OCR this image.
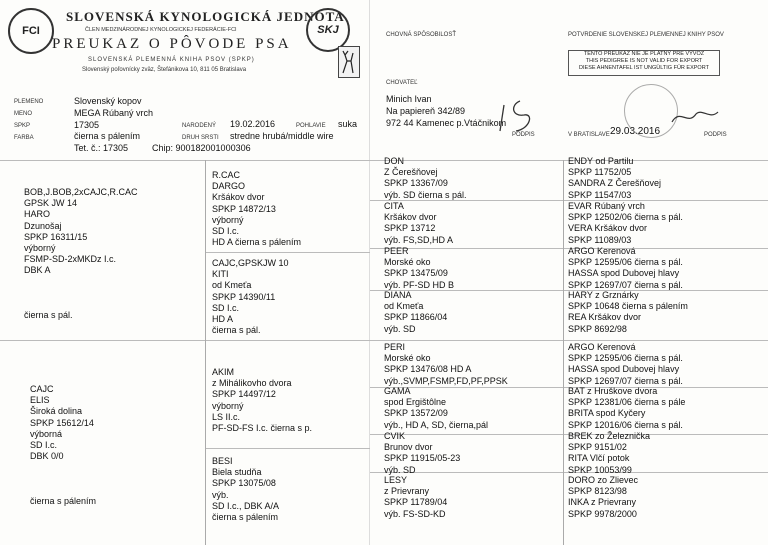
FCI
SLOVENSKÁ KYNOLOGICKÁ JEDNOTA
ČLEN MEDZINÁRODNEJ KYNOLOGICKEJ FEDERÁCIE-FCI
PREUKAZ O PÔVODE PSA
SLOVENSKÁ PLEMENNÁ KNIHA PSOV (SPKP)
Slovenský poľovnícky zväz, Štefánikova 10, 811 05 Bratislava
SKJ
PLEMENO	Slovenský kopov
MENO	MEGA Rúbaný vrch
SPKP	17305	NARODENÝ 19.02.2016	POHLAVIE suka
FARBA	čierna s pálením	DRUH SRSTI stredne hrubá/middle wire
Tet. č.: 17305	Chip: 900182001000306
CHOVNÁ SPÔSOBILOSŤ	POTVRDENIE SLOVENSKEJ PLEMENNEJ KNIHY PSOV
TENTO PREUKAZ NIE JE PLATNÝ PRE VÝVOZ
THIS PEDIGREE IS NOT VALID FOR EXPORT
DIESE AHNENTAFEL IST UNGÜLTIG FÜR EXPORT
CHOVATEĽ
Minich Ivan
Na papiereň 342/89
972 44 Kamenec p.Vtáčnikom
PODPIS	V BRATISLAVE 29.03.2016	PODPIS
BOB,J.BOB,2xCAJC,R.CAC
GPSK JW 14
HARO
Dzunošaj
SPKP 16311/15
výborný
FSMP-SD-2xMKDz I.c.
DBK A
čierna s pál.
CAJC
ELIS
Široká dolina
SPKP 15612/14
výborná
SD I.c.
DBK 0/0
čierna s pálením
R.CAC
DARGO
Kršákov dvor
SPKP 14872/13
výborný
SD I.c.
HD A čierna s pálením
CAJC,GPSKJW 10
KITI
od Kmeťa
SPKP 14390/11
SD I.c.
HD A
čierna s pál.
AKIM
z Mihálikovho dvora
SPKP 14497/12
výborný
LS II.c.
PF-SD-FS I.c. čierna s p.
BESI
Biela studňa
SPKP 13075/08
výb.
SD I.c., DBK A/A
čierna s pálením
DON
Z Čerešňovej
SPKP 13367/09
výb. SD čierna s pál.
CITA
Kršákov dvor
SPKP 13712
výb. FS,SD,HD A
PEER
Morské oko
SPKP 13475/09
výb. PF-SD HD B
DIANA
od Kmeťa
SPKP 11866/04
výb. SD
PERI
Morské oko
SPKP 13476/08 HD A
výb.,SVMP,FSMP,FD,PF,PPSK
GAMA
spod Ergištôlne
SPKP 13572/09
výb., HD A, SD, čierna,pál
CVIK
Brunov dvor
SPKP 11915/05-23
výb. SD
LESY
z Prievrany
SPKP 11789/04
výb. FS-SD-KD
ENDY od Partilu
SPKP 11752/05
SANDRA Z Čerešňovej
SPKP 11547/03
EVAR Rúbaný vrch
SPKP 12502/06 čierna s pál.
VERA Kršákov dvor
SPKP 11089/03
ARGO Kerenová
SPKP 12595/06 čierna s pál.
HASSA spod Dubovej hlavy
SPKP 12697/07 čierna s pál.
HARY z Grznárky
SPKP 10648 čierna s pálením
REA Kršákov dvor
SPKP 8692/98
ARGO Kerenová
SPKP 12595/06 čierna s pál.
HASSA spod Dubovej hlavy
SPKP 12697/07 čierna s pál.
BAT z Hruškove dvora
SPKP 12381/06 čierna s pále
BRITA spod Kyčery
SPKP 12016/06 čierna s pál.
BREK zo Železnička
SPKP 9151/02
RITA Vlčí potok
SPKP 10053/99
DORO zo Zlievec
SPKP 8123/98
INKA z Prievrany
SPKP 9978/2000
